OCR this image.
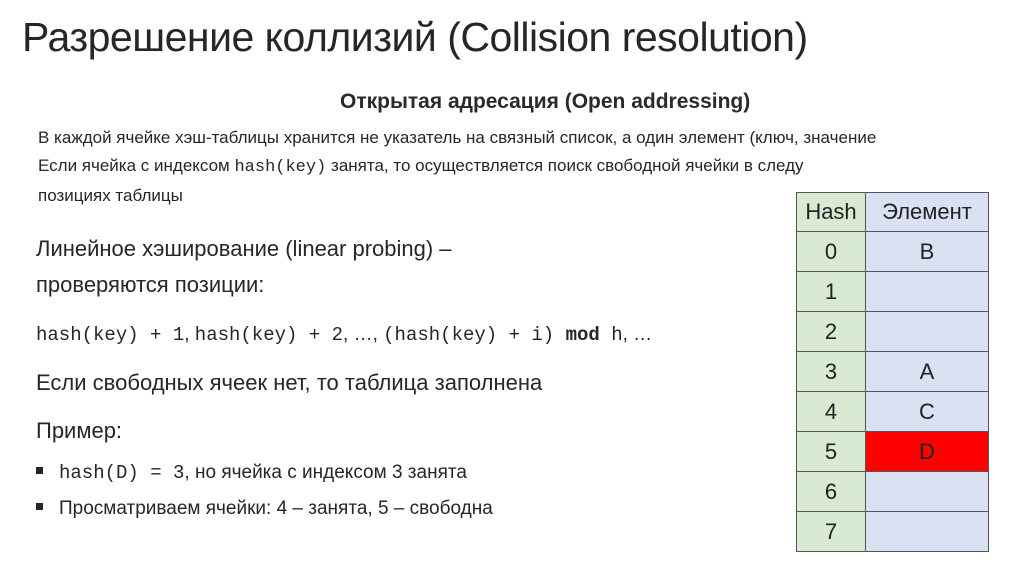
Разрешение коллизий (Collision resolution)
Открытая адресация (Open addressing)
В каждой ячейке хэш-таблицы хранится не указатель на связный список, а один элемент (ключ, значение
Если ячейка с индексом hash(key) занята, то осуществляется поиск свободной ячейки в следу
позициях таблицы
Линейное хэширование (linear probing) –
проверяются позиции:
hash(key) + 1, hash(key) + 2, …, (hash(key) + i) mod h, …
Если свободных ячеек нет, то таблица заполнена
Пример:
hash(D) = 3, но ячейка с индексом 3 занята
Просматриваем ячейки: 4 – занята, 5 – свободна
Hash	Элемент
0	B
1	
2	
3	A
4	C
5	D
6	
7	
